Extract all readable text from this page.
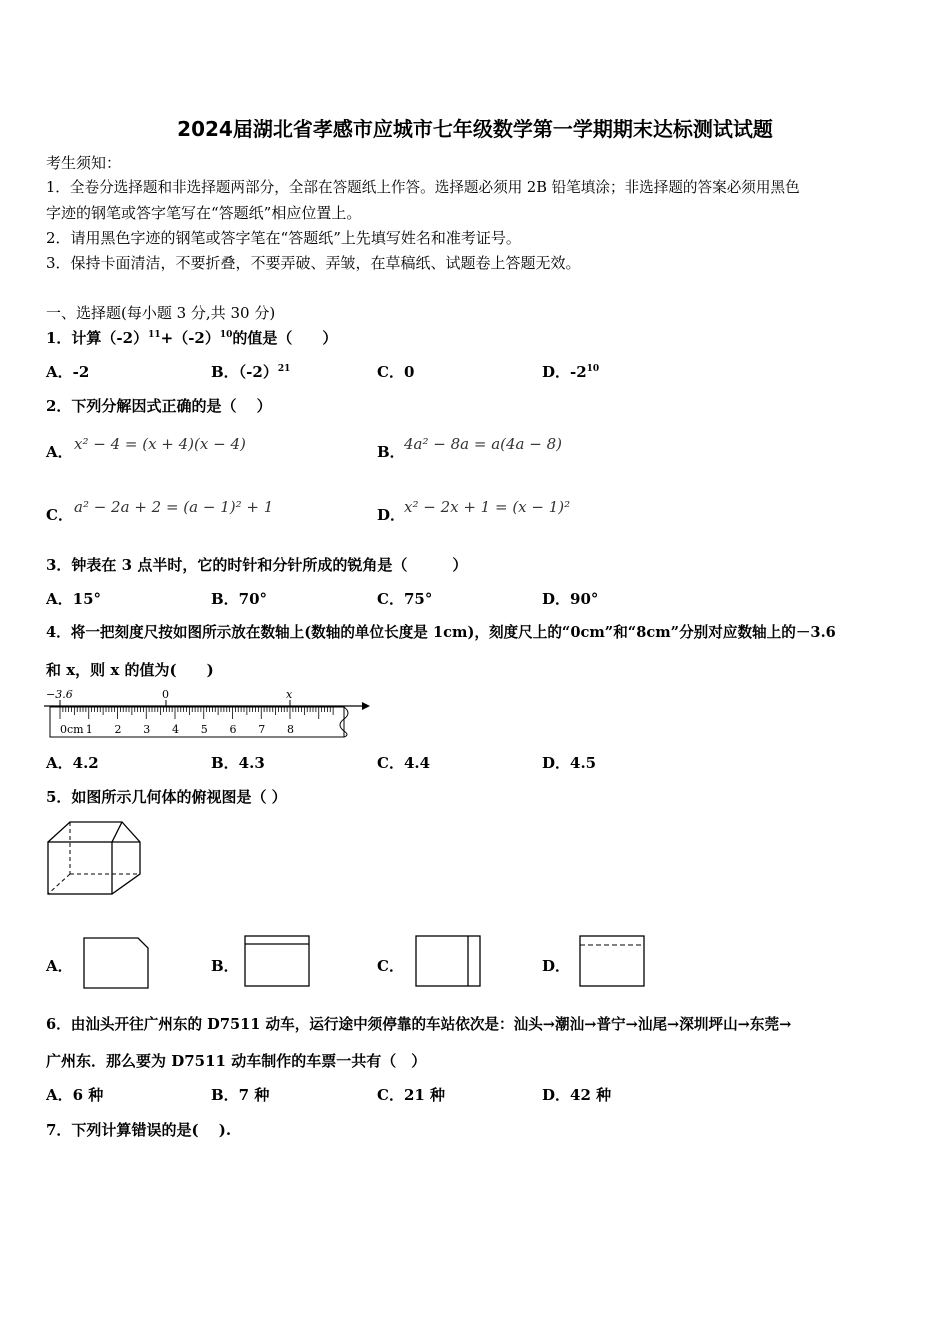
2024届湖北省孝感市应城市七年级数学第一学期期末达标测试试题
考生须知：
1．全卷分选择题和非选择题两部分，全部在答题纸上作答。选择题必须用 2B 铅笔填涂；非选择题的答案必须用黑色
字迹的钢笔或答字笔写在“答题纸”相应位置上。
2．请用黑色字迹的钢笔或答字笔在“答题纸”上先填写姓名和准考证号。
3．保持卡面清洁，不要折叠，不要弄破、弄皱，在草稿纸、试题卷上答题无效。
一、选择题(每小题 3 分,共 30 分)
1．计算$(-2)^{11}+(-2)^{10}$的值是（　　）
A．-2	B．$(-2)^{21}$	C．0	D．$-2^{10}$
2．下列分解因式正确的是（　 ）
A． x² − 4 = (x + 4)(x − 4)	B． 4a² − 8a = a(4a − 8)
C． a² − 2a + 2 = (a − 1)² + 1	D．
x² − 2x + 1 = (x − 1)²
3．钟表在 3 点半时，它的时针和分针所成的锐角是（　　　）
A．15°	B．70°	C．75°	D．90°
4．将一把刻度尺按如图所示放在数轴上(数轴的单位长度是 1cm)，刻度尺上的“0cm”和“8cm”分别对应数轴上的－3.6
和 x，则 x 的值为(　　)
−3.6	0	x
0cm 1 2 3 4 5 6 7 8
A．4.2	B．4.3	C．4.4	D．4.5
5．如图所示几何体的俯视图是（ ）
A．	B．	C．	D．
6．由汕头开往广州东的 D7511 动车，运行途中须停靠的车站依次是：汕头→潮汕→普宁→汕尾→深圳坪山→东莞→
广州东．那么要为 D7511 动车制作的车票一共有（　）
A．6 种	B．7 种	C．21 种	D．42 种
7．下列计算错误的是(　 ).
